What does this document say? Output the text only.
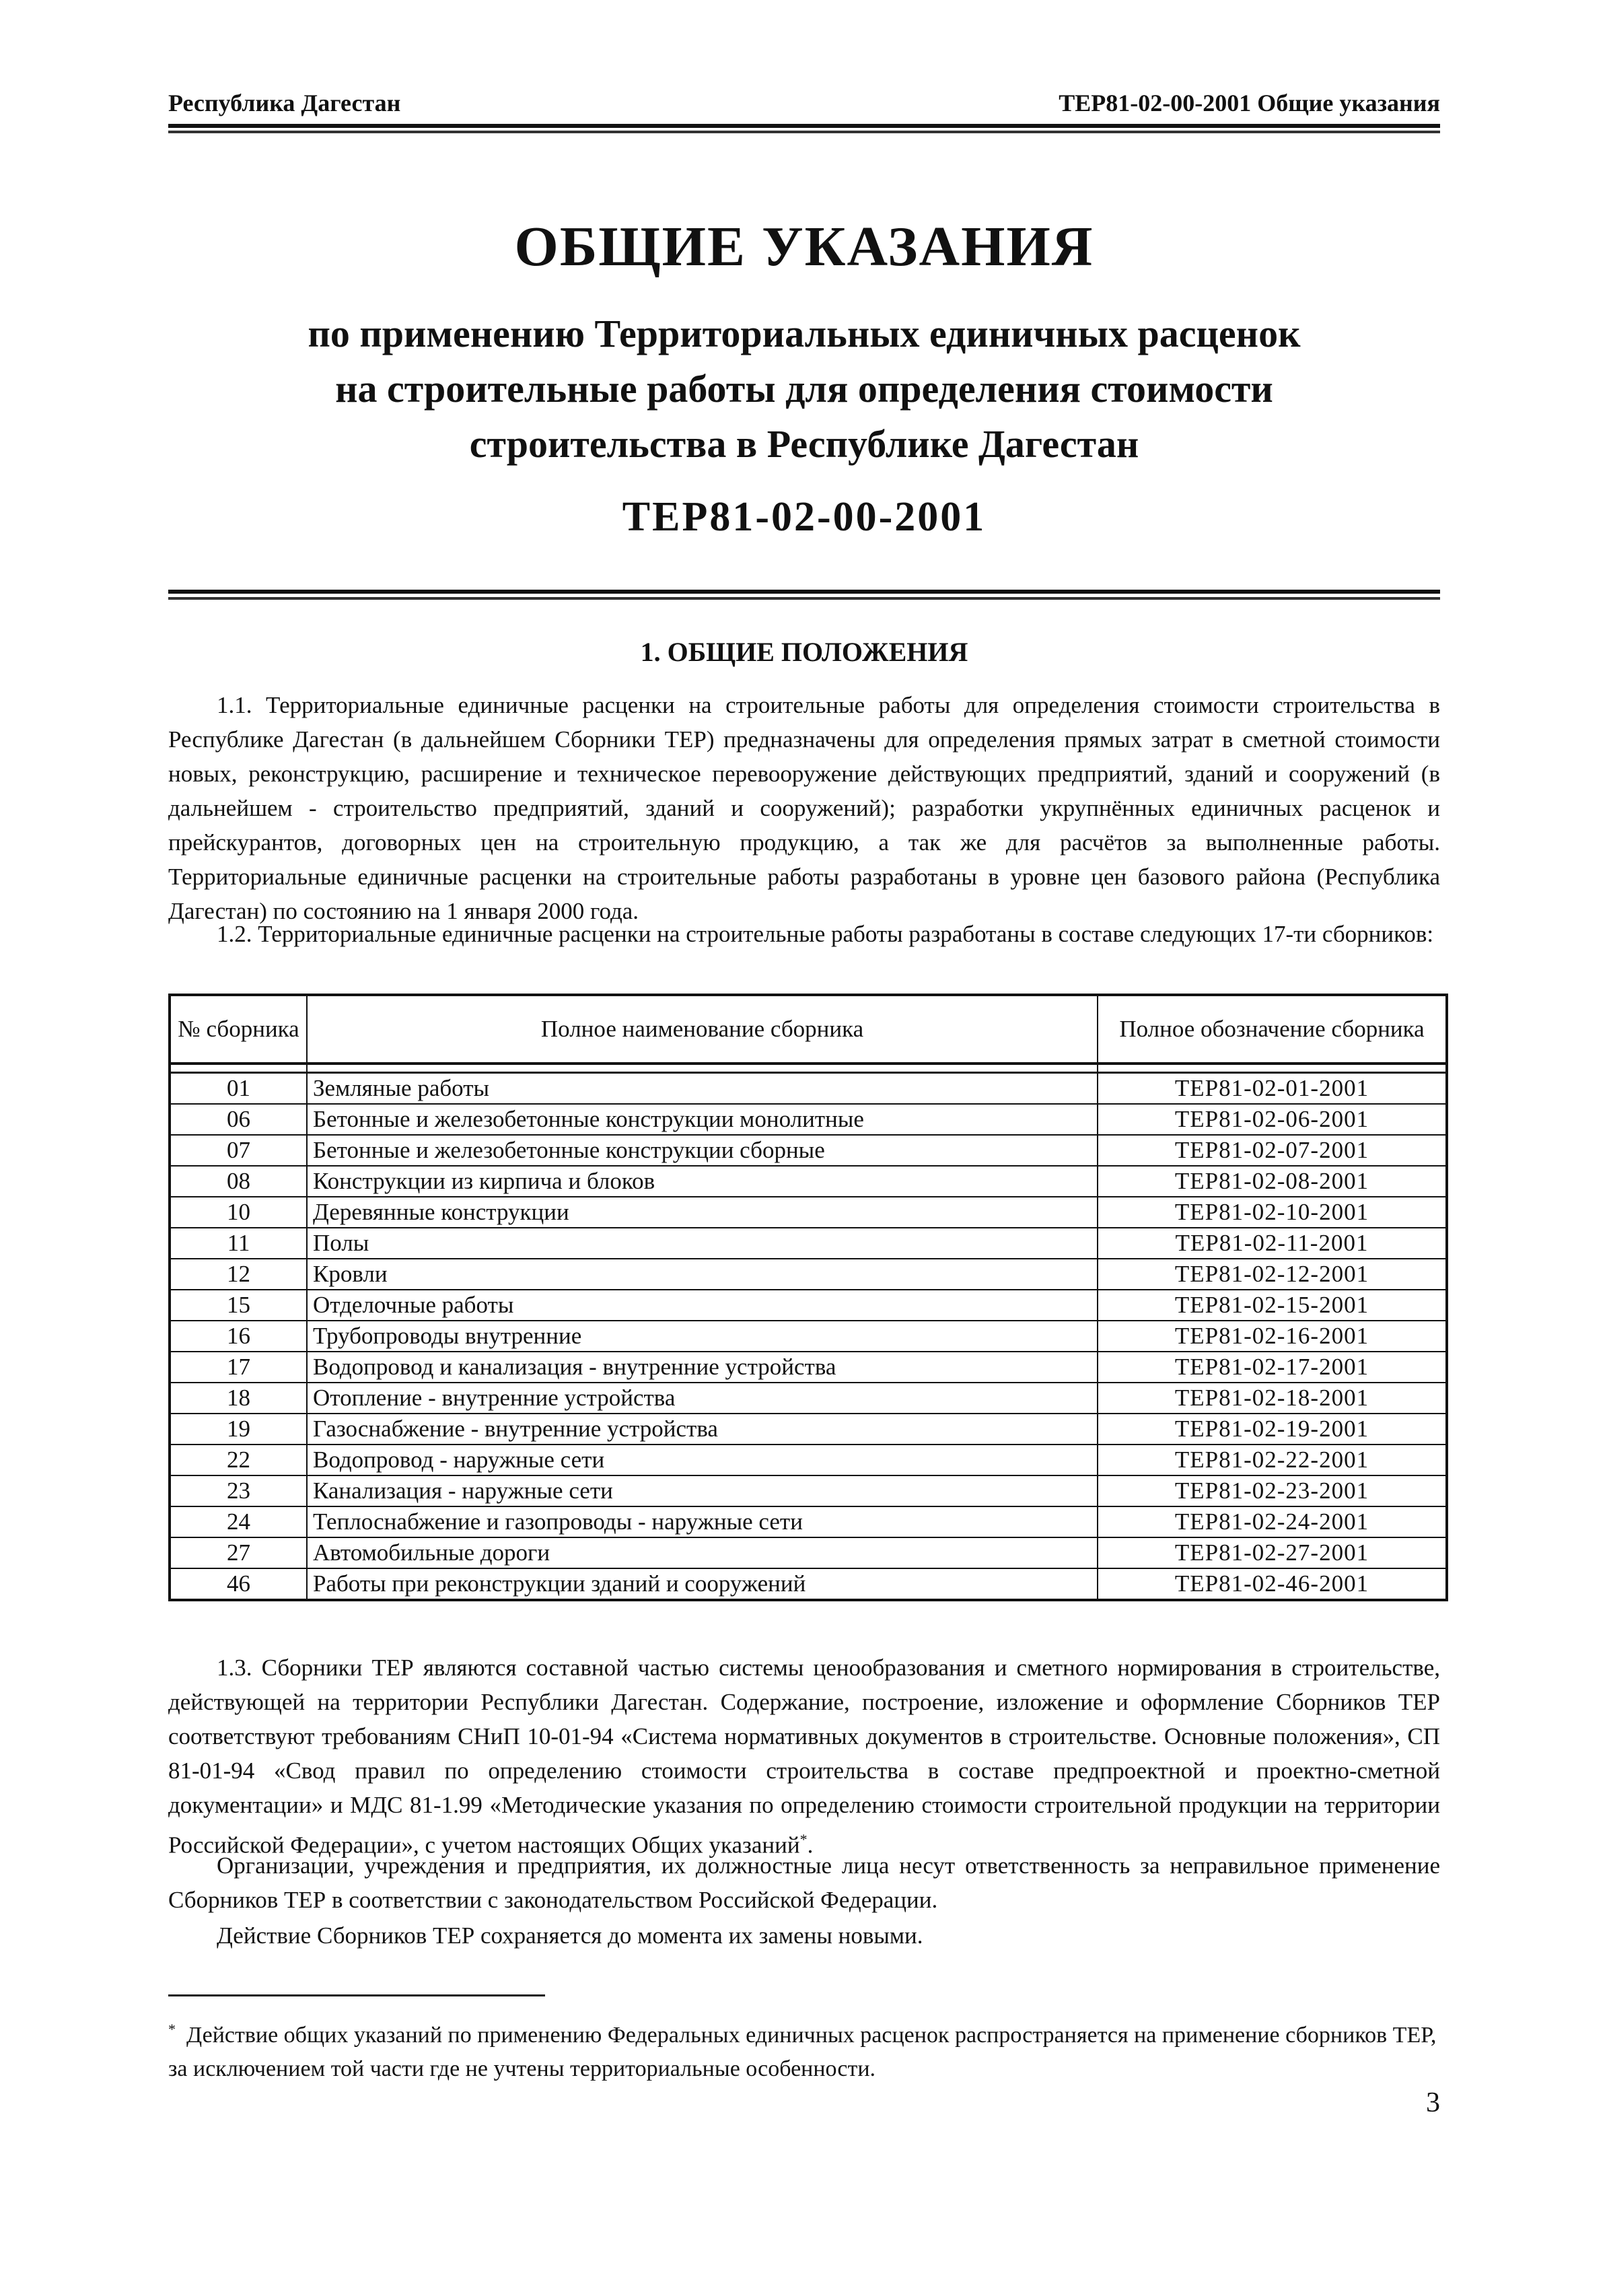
Республика Дагестан	ТЕР81-02-00-2001 Общие указания
ОБЩИЕ УКАЗАНИЯ
по применению Территориальных единичных расценок
на строительные работы для определения стоимости
строительства в Республике Дагестан
ТЕР81-02-00-2001
1. ОБЩИЕ ПОЛОЖЕНИЯ
1.1. Территориальные единичные расценки на строительные работы для определения стоимости строительства в Республике Дагестан (в дальнейшем Сборники ТЕР) предназначены для определения прямых затрат в сметной стоимости новых, реконструкцию, расширение и техническое перевооружение действующих предприятий, зданий и сооружений (в дальнейшем - строительство предприятий, зданий и сооружений); разработки укрупнённых единичных расценок и прейскурантов, договорных цен на строительную продукцию, а так же для расчётов за выполненные работы. Территориальные единичные расценки на строительные работы разработаны в уровне цен базового района (Республика Дагестан) по состоянию на 1 января 2000 года.
1.2. Территориальные единичные расценки на строительные работы разработаны в составе следующих 17-ти сборников:
№ сборника	Полное наименование сборника	Полное обозначение сборника

01	Земляные работы	ТЕР81-02-01-2001
06	Бетонные и железобетонные конструкции монолитные	ТЕР81-02-06-2001
07	Бетонные и железобетонные конструкции сборные	ТЕР81-02-07-2001
08	Конструкции из кирпича и блоков	ТЕР81-02-08-2001
10	Деревянные конструкции	ТЕР81-02-10-2001
11	Полы	ТЕР81-02-11-2001
12	Кровли	ТЕР81-02-12-2001
15	Отделочные работы	ТЕР81-02-15-2001
16	Трубопроводы внутренние	ТЕР81-02-16-2001
17	Водопровод и канализация - внутренние устройства	ТЕР81-02-17-2001
18	Отопление - внутренние устройства	ТЕР81-02-18-2001
19	Газоснабжение - внутренние устройства	ТЕР81-02-19-2001
22	Водопровод - наружные сети	ТЕР81-02-22-2001
23	Канализация - наружные сети	ТЕР81-02-23-2001
24	Теплоснабжение и газопроводы - наружные сети	ТЕР81-02-24-2001
27	Автомобильные дороги	ТЕР81-02-27-2001
46	Работы при реконструкции зданий и сооружений	ТЕР81-02-46-2001
1.3. Сборники ТЕР являются составной частью системы ценообразования и сметного нормирования в строительстве, действующей на территории Республики Дагестан. Содержание, построение, изложение и оформление Сборников ТЕР соответствуют требованиям СНиП 10-01-94 «Система нормативных документов в строительстве. Основные положения», СП 81-01-94 «Свод правил по определению стоимости строительства в составе предпроектной и проектно-сметной документации» и МДС 81-1.99 «Методические указания по определению стоимости строительной продукции на территории Российской Федерации», с учетом настоящих Общих указаний*.
Организации, учреждения и предприятия, их должностные лица несут ответственность за неправильное применение Сборников ТЕР в соответствии с законодательством Российской Федерации.
Действие Сборников ТЕР сохраняется до момента их замены новыми.
* Действие общих указаний по применению Федеральных единичных расценок распространяется на применение сборников ТЕР, за исключением той части где не учтены территориальные особенности.
3
